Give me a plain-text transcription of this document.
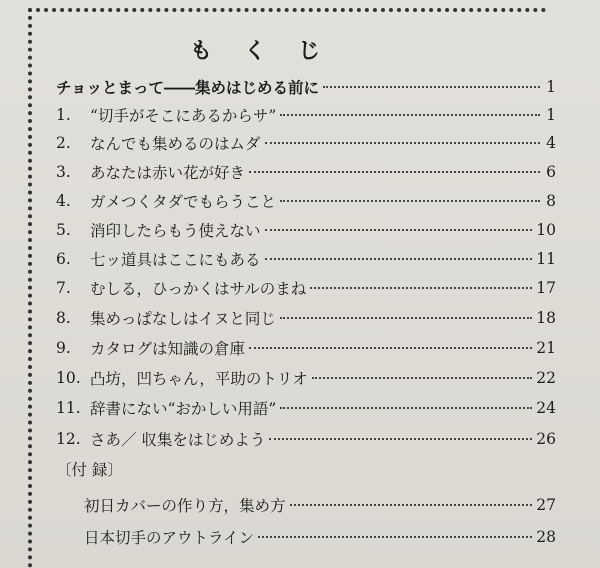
もくじ
チョッとまって――集めはじめる前に	1
1.	“切手がそこにあるからサ”	1
2.	なんでも集めるのはムダ	4
3.	あなたは赤い花が好き	6
4.	ガメつくタダでもらうこと	8
5.	消印したらもう使えない	10
6.	七ッ道具はここにもある	11
7.	むしる，ひっかくはサルのまね	17
8.	集めっぱなしはイヌと同じ	18
9.	カタログは知識の倉庫	21
10. 凸坊，凹ちゃん，平助のトリオ	22
11. 辞書にない“おかしい用語”	24
12. さあ／ 収集をはじめよう	26
〔付 録〕
初日カバーの作り方，集め方	27
日本切手のアウトライン	28
